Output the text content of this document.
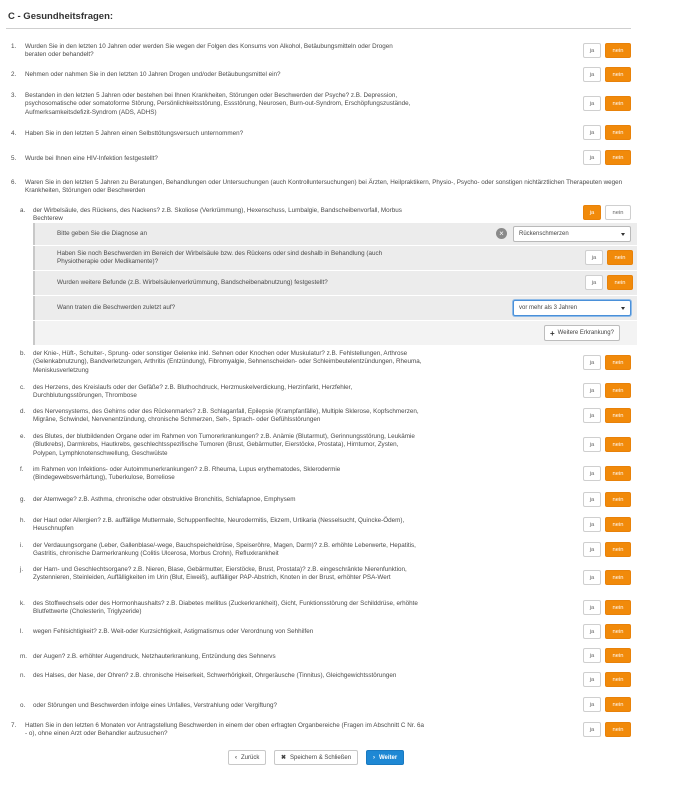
C - Gesundheitsfragen:
1. Wurden Sie in den letzten 10 Jahren oder werden Sie wegen der Folgen des Konsums von Alkohol, Betäubungsmitteln oder Drogen beraten oder behandelt?
ja	nein
2. Nehmen oder nahmen Sie in den letzten 10 Jahren Drogen und/oder Betäubungsmittel ein?	ja	nein
3. Bestanden in den letzten 5 Jahren oder bestehen bei Ihnen Krankheiten, Störungen oder Beschwerden der Psyche? z.B. Depression, psychosomatische oder somatoforme Störung, Persönlichkeitsstörung, Essstörung, Neurosen, Burn-out-Syndrom, Erschöpfungszustände, Aufmerksamkeitsdefizit-Syndrom (ADS, ADHS)
ja	nein
4. Haben Sie in den letzten 5 Jahren einen Selbsttötungsversuch unternommen?	ja	nein
5. Wurde bei Ihnen eine HIV-Infektion festgestellt?	ja	nein
6. Waren Sie in den letzten 5 Jahren zu Beratungen, Behandlungen oder Untersuchungen (auch Kontrolluntersuchungen) bei Ärzten, Heilpraktikern, Physio-, Psycho- oder sonstigen nichtärztlichen Therapeuten wegen Krankheiten, Störungen oder Beschwerden
a. der Wirbelsäule, des Rückens, des Nackens? z.B. Skoliose (Verkrümmung), Hexenschuss, Lumbalgie, Bandscheibenvorfall, Morbus Bechterew
ja	nein
Bitte geben Sie die Diagnose an	×	Rückenschmerzen
Haben Sie noch Beschwerden im Bereich der Wirbelsäule bzw. des Rückens oder sind deshalb in Behandlung (auch Physiotherapie oder Medikamente)?
ja	nein
Wurden weitere Befunde (z.B. Wirbelsäulenverkrümmung, Bandscheibenabnutzung) festgestellt?	ja	nein
Wann traten die Beschwerden zuletzt auf?	vor mehr als 3 Jahren
+ Weitere Erkrankung?
b. der Knie-, Hüft-, Schulter-, Sprung- oder sonstiger Gelenke inkl. Sehnen oder Knochen oder Muskulatur? z.B. Fehlstellungen, Arthrose (Gelenkabnutzung), Bandverletzungen, Arthritis (Entzündung), Fibromyalgie, Sehnenscheiden- oder Schleimbeutelentzündungen, Rheuma, Meniskusverletzung
ja	nein
c. des Herzens, des Kreislaufs oder der Gefäße? z.B. Bluthochdruck, Herzmuskelverdickung, Herzinfarkt, Herzfehler, Durchblutungsstörungen, Thrombose
ja	nein
d. des Nervensystems, des Gehirns oder des Rückenmarks? z.B. Schlaganfall, Epilepsie (Krampfanfälle), Multiple Sklerose, Kopfschmerzen, Migräne, Schwindel, Nervenentzündung, chronische Schmerzen, Seh-, Sprach- oder Gefühlsstörungen
ja	nein
e. des Blutes, der blutbildenden Organe oder im Rahmen von Tumorerkrankungen? z.B. Anämie (Blutarmut), Gerinnungsstörung, Leukämie (Blutkrebs), Darmkrebs, Hautkrebs, geschlechtsspezifische Tumoren (Brust, Gebärmutter, Eierstöcke, Prostata), Hirntumor, Zysten, Polypen, Lymphknotenschwellung, Geschwülste
ja	nein
f. im Rahmen von Infektions- oder Autoimmunerkrankungen? z.B. Rheuma, Lupus erythematodes, Sklerodermie (Bindegewebsverhärtung), Tuberkulose, Borreliose
ja	nein
g. der Atemwege? z.B. Asthma, chronische oder obstruktive Bronchitis, Schlafapnoe, Emphysem	ja	nein
h. der Haut oder Allergien? z.B. auffällige Muttermale, Schuppenflechte, Neurodermitis, Ekzem, Urtikaria (Nesselsucht, Quincke-Ödem), Heuschnupfen
ja	nein
i. der Verdauungsorgane (Leber, Gallenblase/-wege, Bauchspeicheldrüse, Speiseröhre, Magen, Darm)? z.B. erhöhte Leberwerte, Hepatitis, Gastritis, chronische Darmerkrankung (Colitis Ulcerosa, Morbus Crohn), Refluxkrankheit
ja	nein
j. der Harn- und Geschlechtsorgane? z.B. Nieren, Blase, Gebärmutter, Eierstöcke, Brust, Prostata)? z.B. eingeschränkte Nierenfunktion, Zystennieren, Steinleiden, Auffälligkeiten im Urin (Blut, Eiweiß), auffälliger PAP-Abstrich, Knoten in der Brust, erhöhter PSA-Wert	ja	nein
k. des Stoffwechsels oder des Hormonhaushalts? z.B. Diabetes mellitus (Zuckerkrankheit), Gicht, Funktionsstörung der Schilddrüse, erhöhte Blutfettwerte (Cholesterin, Triglyzeride)
ja	nein
l. wegen Fehlsichtigkeit? z.B. Weit-oder Kurzsichtigkeit, Astigmatismus oder Verordnung von Sehhilfen	ja	nein
m. der Augen? z.B. erhöhter Augendruck, Netzhauterkrankung, Entzündung des Sehnervs	ja	nein
n. des Halses, der Nase, der Ohren? z.B. chronische Heiserkeit, Schwerhörigkeit, Ohrgeräusche (Tinnitus), Gleichgewichtsstörungen
ja	nein
o. oder Störungen und Beschwerden infolge eines Unfalles, Verstrahlung oder Vergiftung?	ja	nein
7. Hatten Sie in den letzten 6 Monaten vor Antragstellung Beschwerden in einem der oben erfragten Organbereiche (Fragen im Abschnitt C Nr. 6a - o), ohne einen Arzt oder Behandler aufzusuchen?
ja	nein
‹ Zurück	✖ Speichern & Schließen	› Weiter
